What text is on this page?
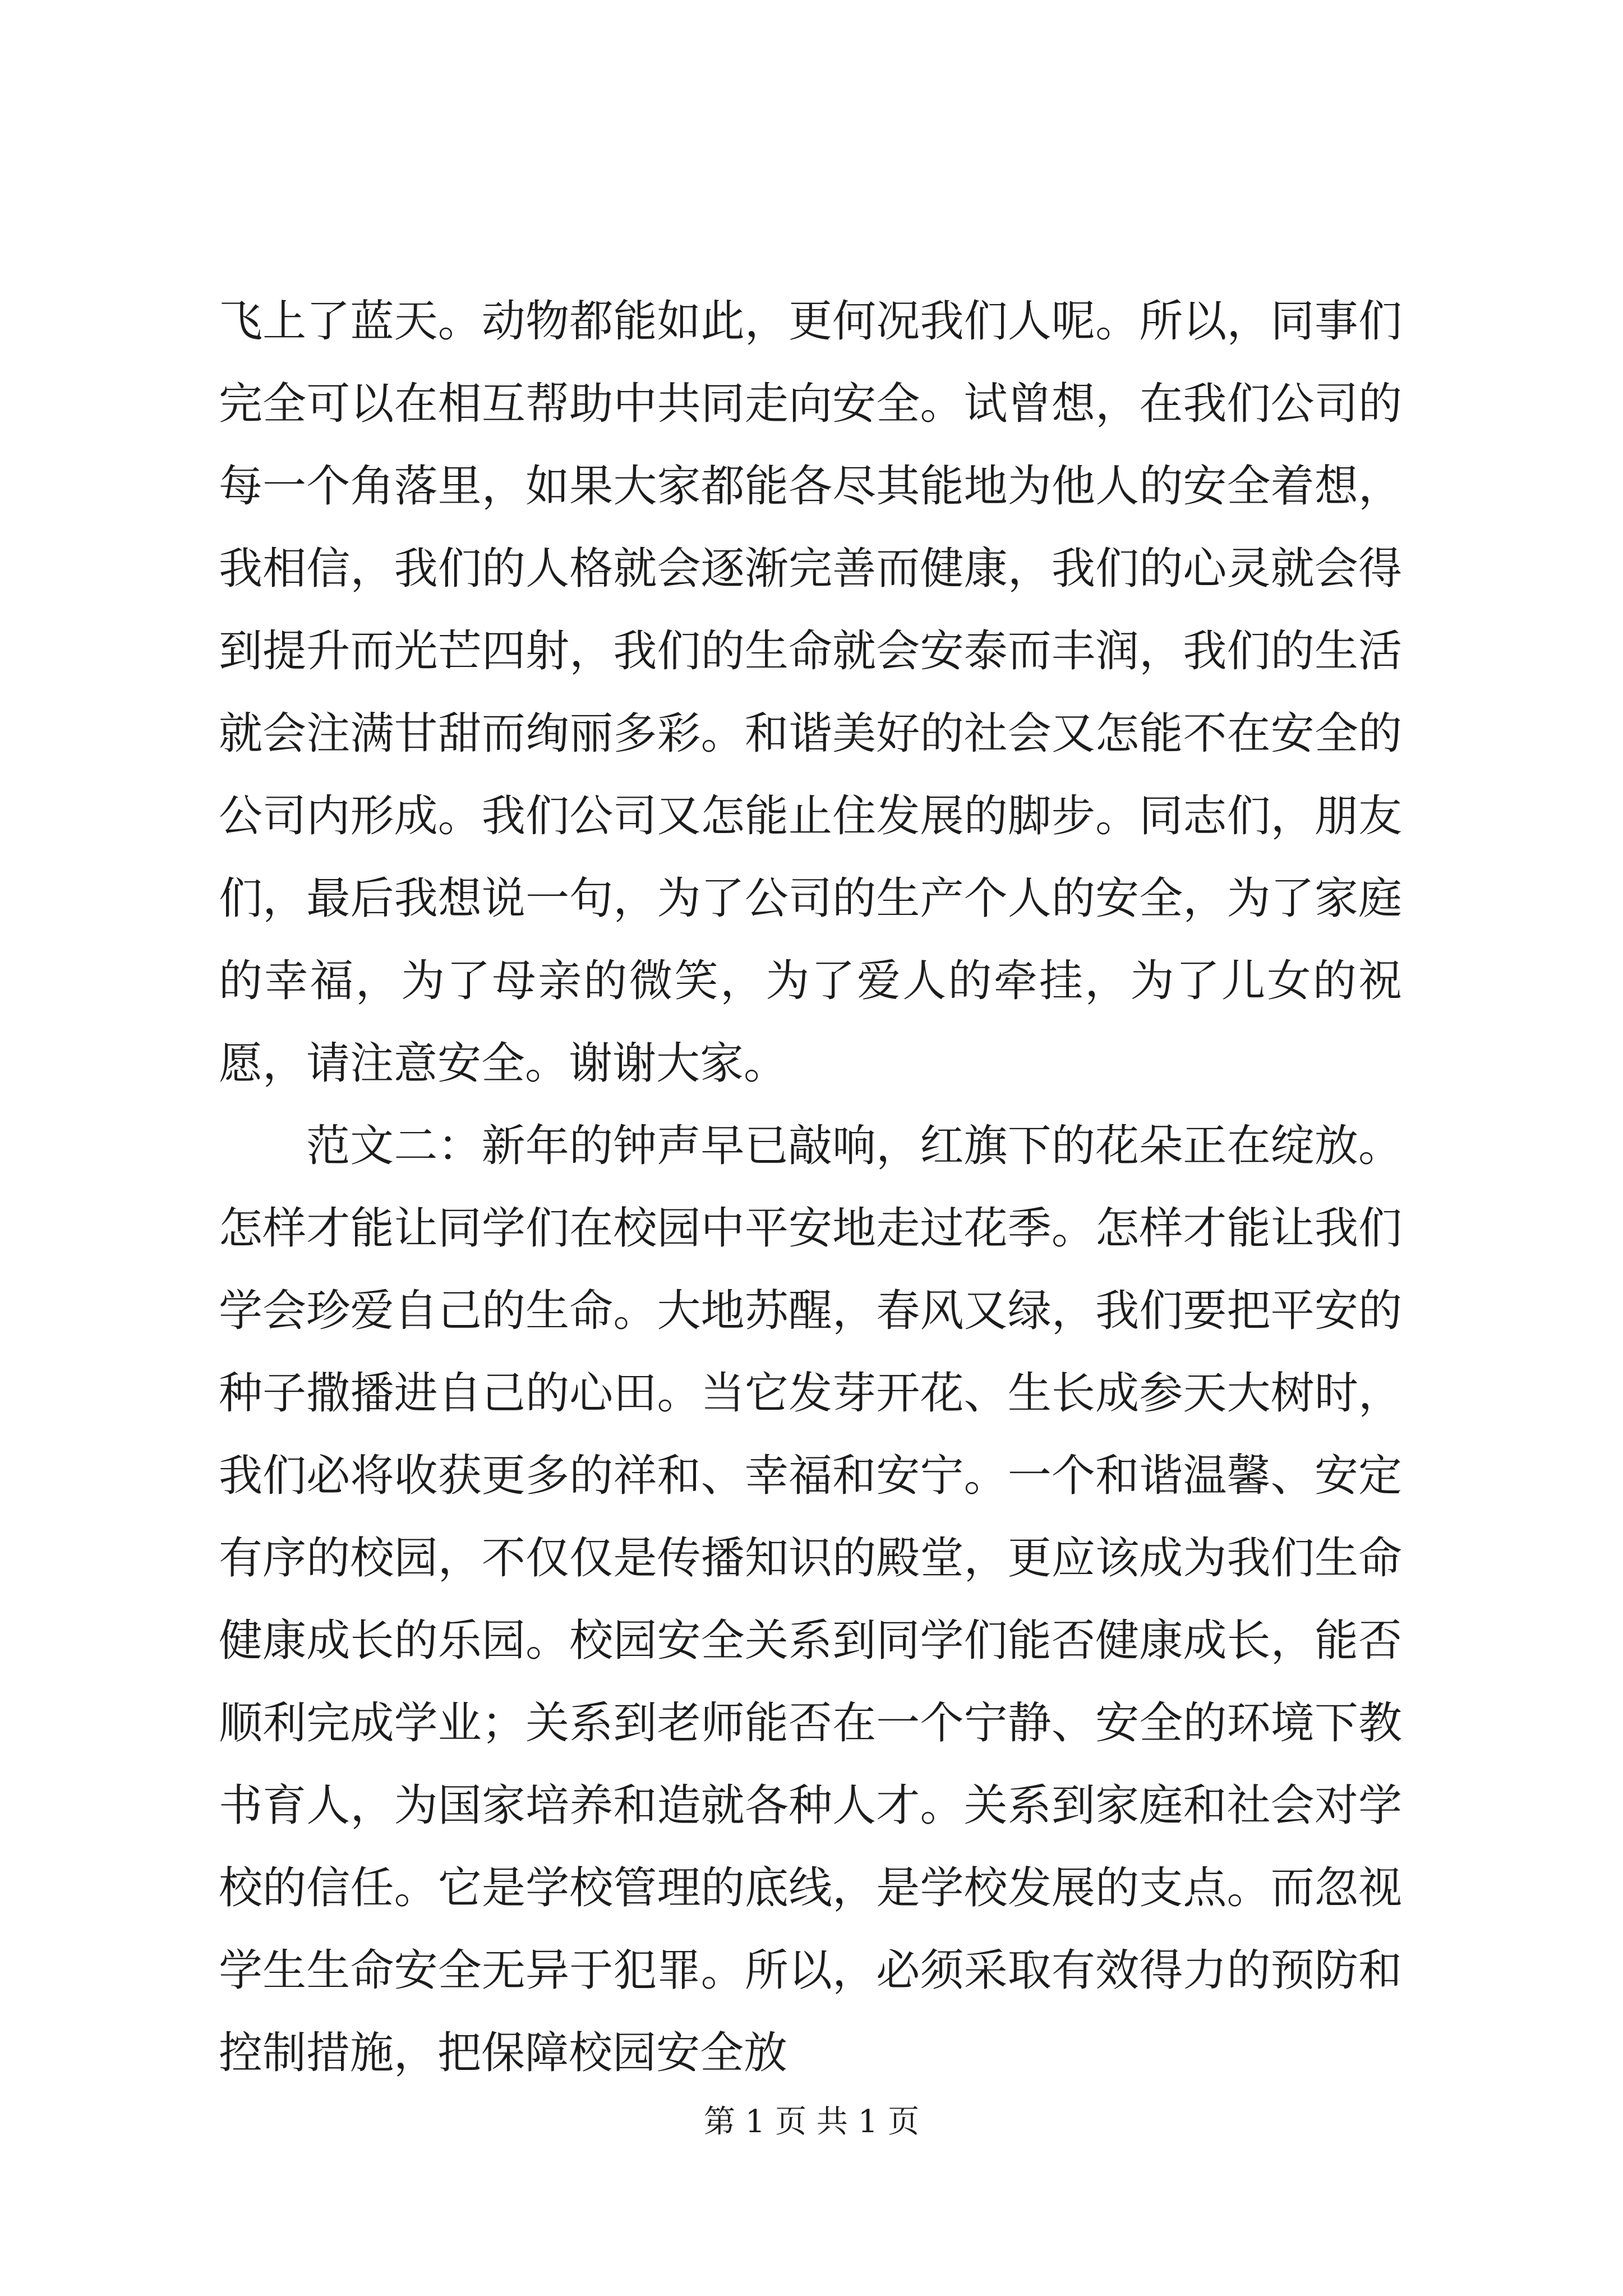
飞上了蓝天。动物都能如此，更何况我们人呢。所以，同事们完全可以在相互帮助中共同走向安全。试曾想，在我们公司的每一个角落里，如果大家都能各尽其能地为他人的安全着想，我相信，我们的人格就会逐渐完善而健康，我们的心灵就会得到提升而光芒四射，我们的生命就会安泰而丰润，我们的生活就会注满甘甜而绚丽多彩。和谐美好的社会又怎能不在安全的公司内形成。我们公司又怎能止住发展的脚步。同志们，朋友们，最后我想说一句，为了公司的生产个人的安全，为了家庭的幸福，为了母亲的微笑，为了爱人的牵挂，为了儿女的祝愿，请注意安全。谢谢大家。

范文二：新年的钟声早已敲响，红旗下的花朵正在绽放。怎样才能让同学们在校园中平安地走过花季。怎样才能让我们学会珍爱自己的生命。大地苏醒，春风又绿，我们要把平安的种子撒播进自己的心田。当它发芽开花、生长成参天大树时，我们必将收获更多的祥和、幸福和安宁。一个和谐温馨、安定有序的校园，不仅仅是传播知识的殿堂，更应该成为我们生命健康成长的乐园。校园安全关系到同学们能否健康成长，能否顺利完成学业；关系到老师能否在一个宁静、安全的环境下教书育人，为国家培养和造就各种人才。关系到家庭和社会对学校的信任。它是学校管理的底线，是学校发展的支点。而忽视学生生命安全无异于犯罪。所以，必须采取有效得力的预防和控制措施，把保障校园安全放

第 1 页 共 1 页
